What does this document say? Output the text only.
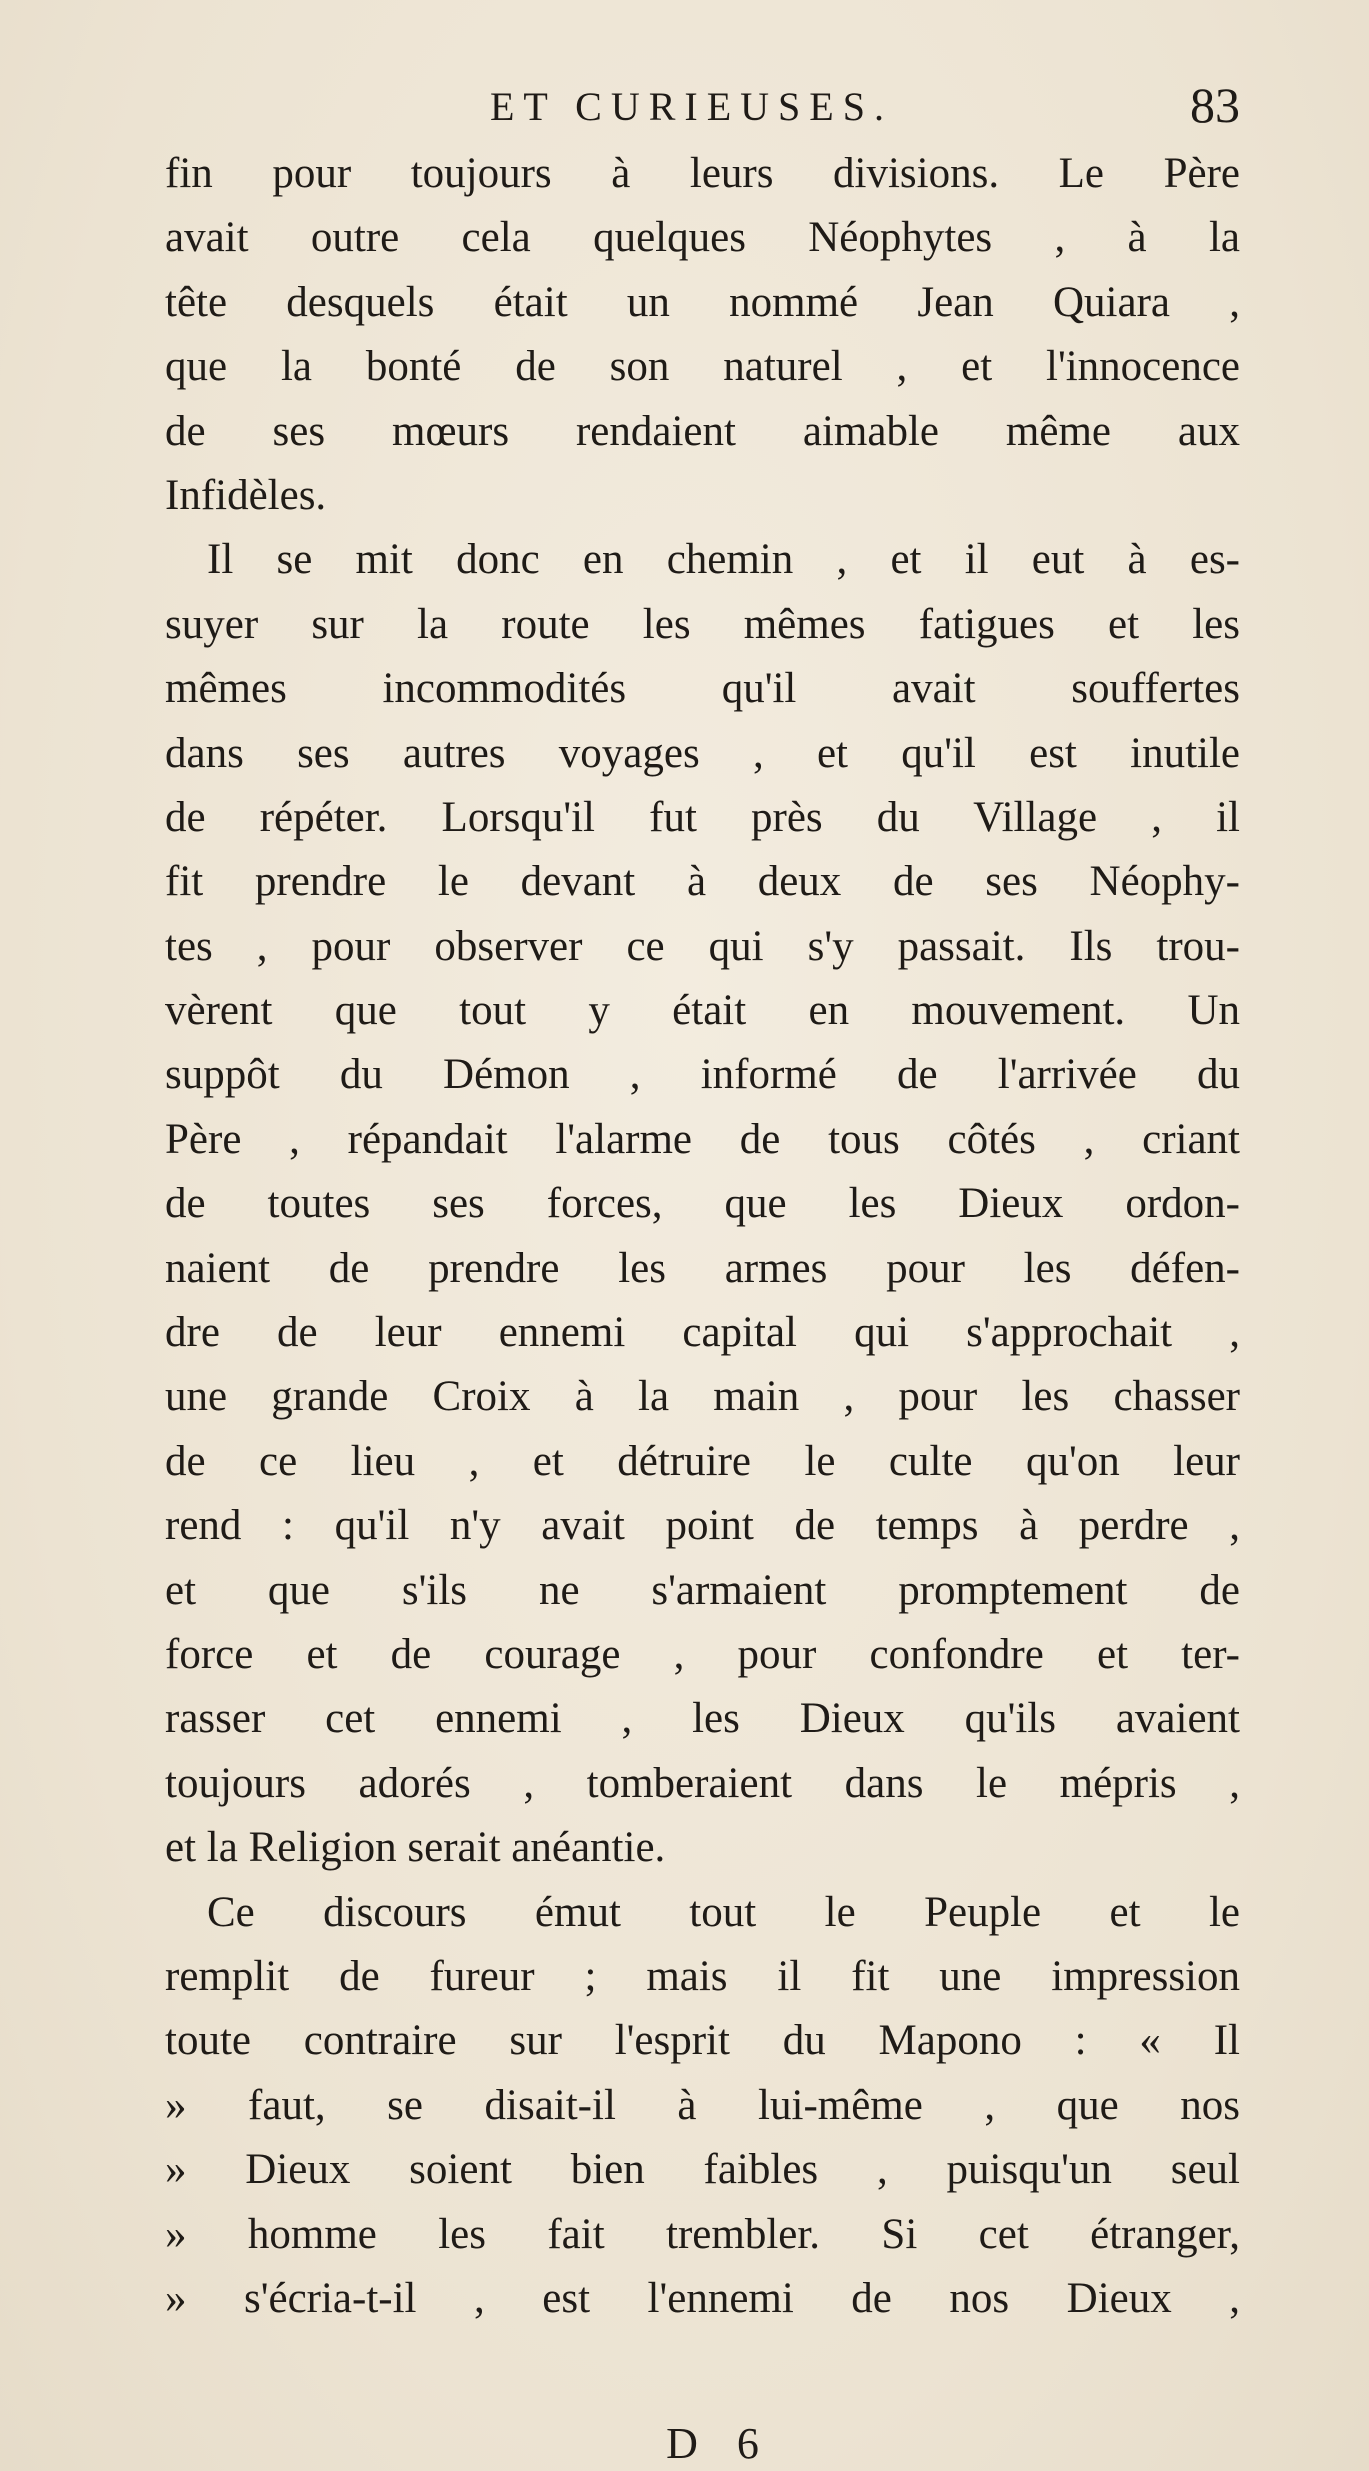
ET CURIEUSES.	83
fin pour toujours à leurs divisions. Le Père
avait outre cela quelques Néophytes , à la
tête desquels était un nommé Jean Quiara ,
que la bonté de son naturel , et l'innocence
de ses mœurs rendaient aimable même aux
Infidèles.
Il se mit donc en chemin , et il eut à es-
suyer sur la route les mêmes fatigues et les
mêmes incommodités qu'il avait souffertes
dans ses autres voyages , et qu'il est inutile
de répéter. Lorsqu'il fut près du Village , il
fit prendre le devant à deux de ses Néophy-
tes , pour observer ce qui s'y passait. Ils trou-
vèrent que tout y était en mouvement. Un
suppôt du Démon , informé de l'arrivée du
Père , répandait l'alarme de tous côtés , criant
de toutes ses forces, que les Dieux ordon-
naient de prendre les armes pour les défen-
dre de leur ennemi capital qui s'approchait ,
une grande Croix à la main , pour les chasser
de ce lieu , et détruire le culte qu'on leur
rend : qu'il n'y avait point de temps à perdre ,
et que s'ils ne s'armaient promptement de
force et de courage , pour confondre et ter-
rasser cet ennemi , les Dieux qu'ils avaient
toujours adorés , tomberaient dans le mépris ,
et la Religion serait anéantie.
Ce discours émut tout le Peuple et le
remplit de fureur ; mais il fit une impression
toute contraire sur l'esprit du Mapono : « Il
» faut, se disait-il à lui-même , que nos
» Dieux soient bien faibles , puisqu'un seul
» homme les fait trembler. Si cet étranger,
» s'écria-t-il , est l'ennemi de nos Dieux ,
D 6
